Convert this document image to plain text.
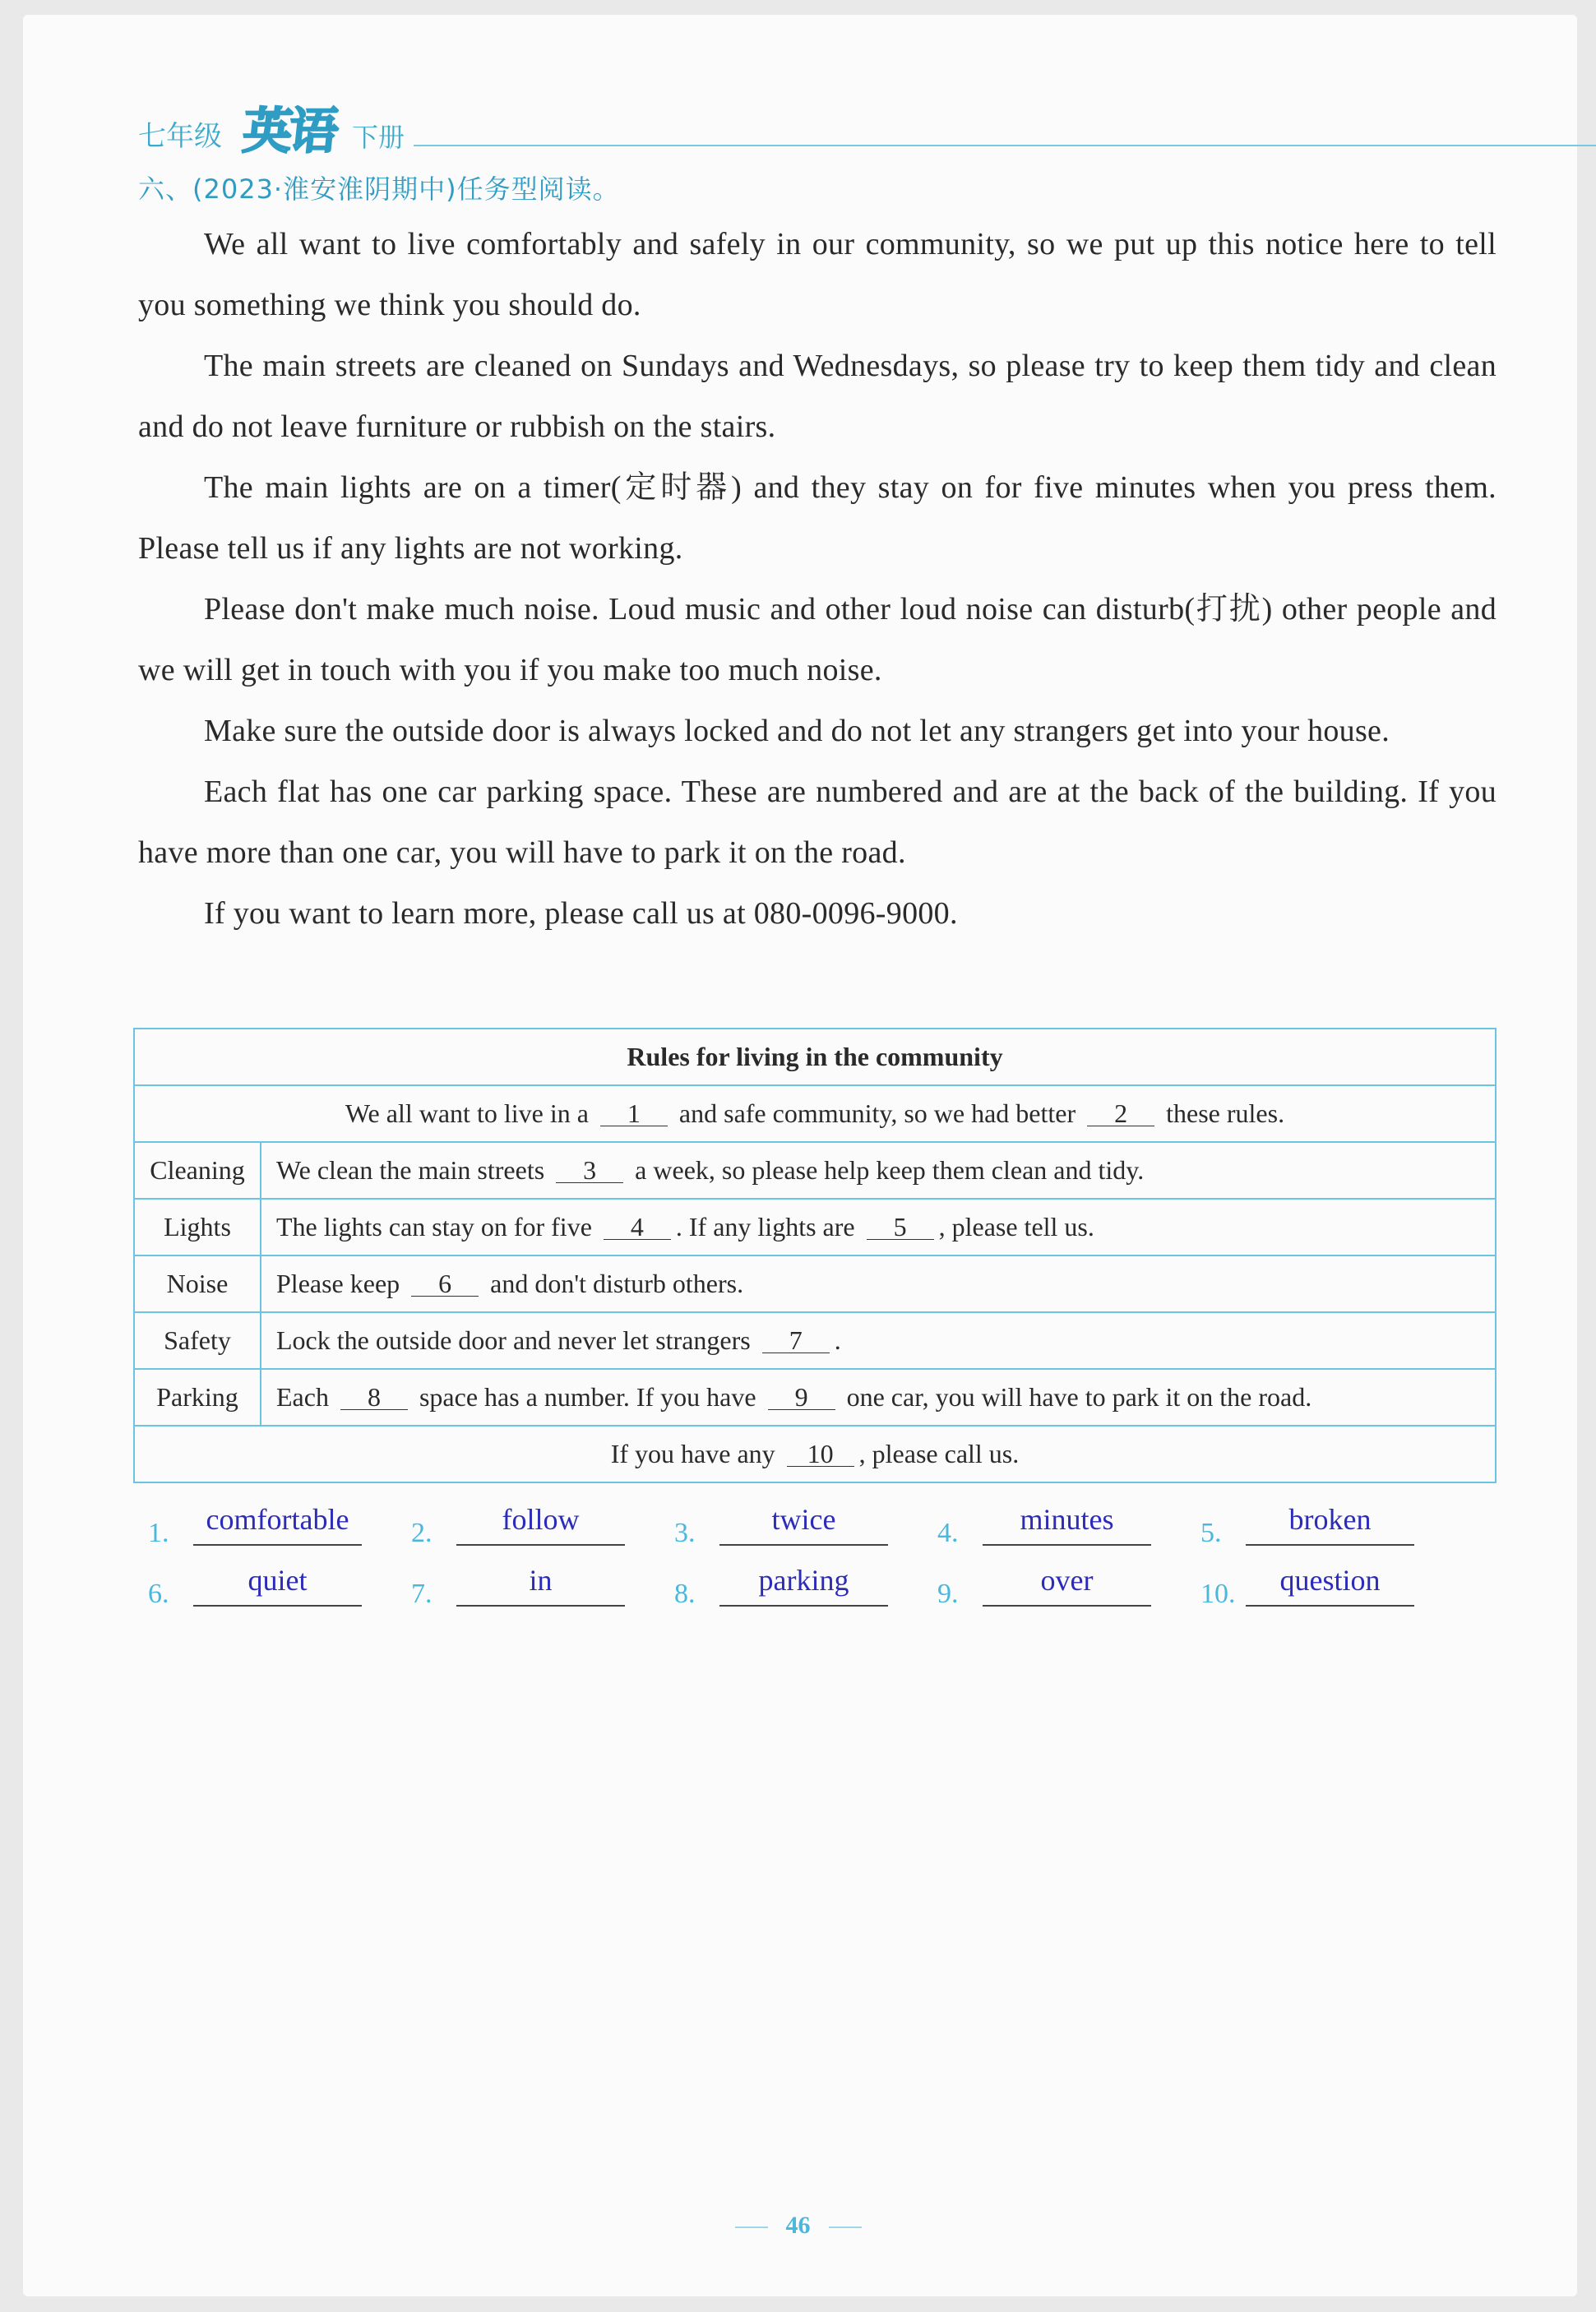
七年级 英语 下册
六、(2023·淮安淮阴期中)任务型阅读。

We all want to live comfortably and safely in our community, so we put up this notice here to tell you something we think you should do.

The main streets are cleaned on Sundays and Wednesdays, so please try to keep them tidy and clean and do not leave furniture or rubbish on the stairs.

The main lights are on a timer(定时器) and they stay on for five minutes when you press them. Please tell us if any lights are not working.

Please don't make much noise. Loud music and other loud noise can disturb(打扰) other people and we will get in touch with you if you make too much noise.

Make sure the outside door is always locked and do not let any strangers get into your house.

Each flat has one car parking space. These are numbered and are at the back of the building. If you have more than one car, you will have to park it on the road.

If you want to learn more, please call us at 080-0096-9000.

Rules for living in the community	
We all want to live in a 1 and safe community, so we had better 2 these rules.	
Cleaning	We clean the main streets 3 a week, so please help keep them clean and tidy.
Lights	The lights can stay on for five 4 . If any lights are 5 , please tell us.
Noise	Please keep 6 and don't disturb others.
Safety	Lock the outside door and never let strangers 7 .
Parking	Each 8 space has a number. If you have 9 one car, you will have to park it on the road.
If you have any 10 , please call us.	
1.	comfortable	2.	follow	3.	twice	4.	minutes	5.	broken
6.	quiet	7.	in	8.	parking	9.	over	10.	question
46
